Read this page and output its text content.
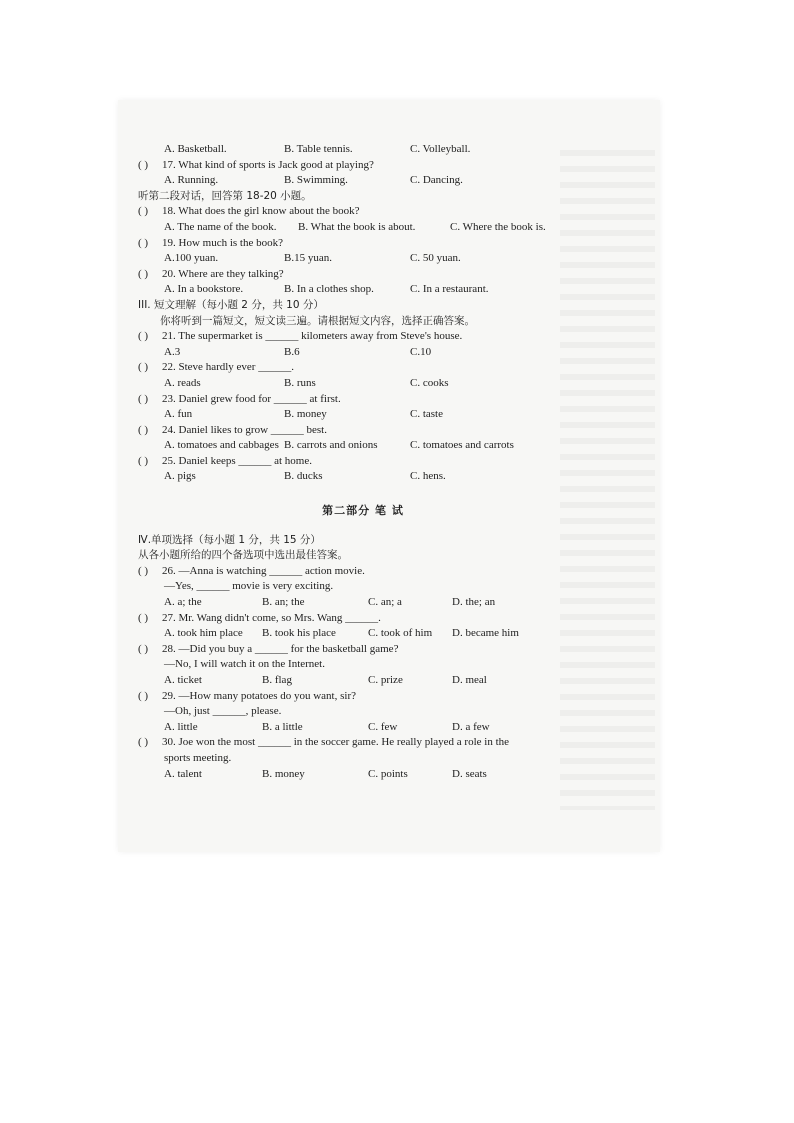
A. Basketball.	B. Table tennis.	C. Volleyball.
( )	17. What kind of sports is Jack good at playing?
A. Running.	B. Swimming.	C. Dancing.
听第二段对话，回答第 18-20 小题。
( )	18. What does the girl know about the book?
A. The name of the book.	B. What the book is about.	C. Where the book is.
( )	19. How much is the book?
A.100 yuan.	B.15 yuan.	C. 50 yuan.
( )	20. Where are they talking?
A. In a bookstore.	B. In a clothes shop.	C. In a restaurant.
III. 短文理解（每小题 2 分，共 10 分）
你将听到一篇短文，短文读三遍。请根据短文内容，选择正确答案。
( )	21. The supermarket is ______ kilometers away from Steve's house.
A.3	B.6	C.10
( )	22. Steve hardly ever ______.
A. reads	B. runs	C. cooks
( )	23. Daniel grew food for ______ at first.
A. fun	B. money	C. taste
( )	24. Daniel likes to grow ______ best.
A. tomatoes and cabbages B. carrots and onions	C. tomatoes and carrots
( )	25. Daniel keeps ______ at home.
A. pigs	B. ducks	C. hens.
第二部分 笔 试
Ⅳ.单项选择（每小题 1 分，共 15 分）
从各小题所给的四个备选项中选出最佳答案。
( )	26. —Anna is watching ______ action movie.
—Yes, ______ movie is very exciting.
A. a; the	B. an; the	C. an; a	D. the; an
( )	27. Mr. Wang didn't come, so Mrs. Wang ______.
A. took him place	B. took his place	C. took of him	D. became him
( )	28. —Did you buy a ______ for the basketball game?
—No, I will watch it on the Internet.
A. ticket	B. flag	C. prize	D. meal
( )	29. —How many potatoes do you want, sir?
—Oh, just ______, please.
A. little	B. a little	C. few	D. a few
( )	30. Joe won the most ______ in the soccer game. He really played a role in the
sports meeting.
A. talent	B. money	C. points	D. seats
